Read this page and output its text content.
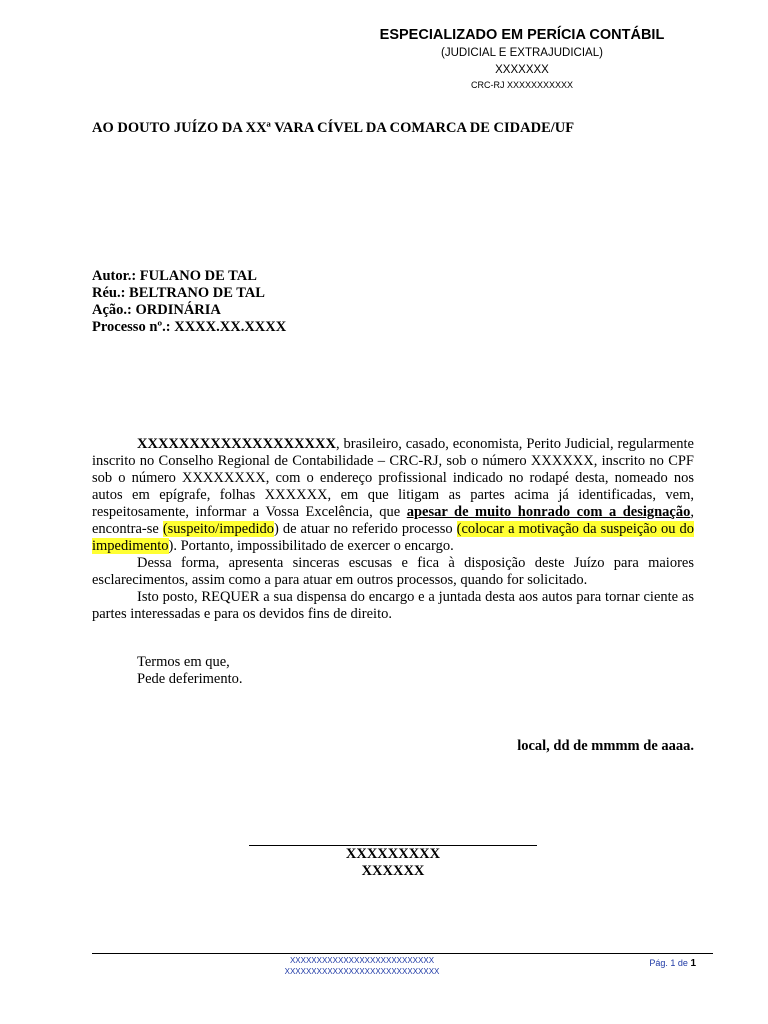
ESPECIALIZADO EM PERÍCIA CONTÁBIL
(JUDICIAL E EXTRAJUDICIAL)
XXXXXXX
CRC-RJ XXXXXXXXXXX
AO DOUTO JUÍZO DA XXª VARA CÍVEL DA COMARCA DE CIDADE/UF
Autor.: FULANO DE TAL
Réu.: BELTRANO DE TAL
Ação.: ORDINÁRIA
Processo nº.: XXXX.XX.XXXX

XXXXXXXXXXXXXXXXXXX, brasileiro, casado, economista, Perito Judicial, regularmente inscrito no Conselho Regional de Contabilidade – CRC-RJ, sob o número XXXXXX, inscrito no CPF sob o número XXXXXXXX, com o endereço profissional indicado no rodapé desta, nomeado nos autos em epígrafe, folhas XXXXXX, em que litigam as partes acima já identificadas, vem, respeitosamente, informar a Vossa Excelência, que apesar de muito honrado com a designação, encontra-se (suspeito/impedido) de atuar no referido processo (colocar a motivação da suspeição ou do impedimento). Portanto, impossibilitado de exercer o encargo.

Dessa forma, apresenta sinceras escusas e fica à disposição deste Juízo para maiores esclarecimentos, assim como a para atuar em outros processos, quando for solicitado.

Isto posto, REQUER a sua dispensa do encargo e a juntada desta aos autos para tornar ciente as partes interessadas e para os devidos fins de direito.

Termos em que,
Pede deferimento.
local, dd de mmmm de aaaa.
XXXXXXXXX
XXXXXX
XXXXXXXXXXXXXXXXXXXXXXXXXXX
XXXXXXXXXXXXXXXXXXXXXXXXXXXXX
Pág. 1 de 1
